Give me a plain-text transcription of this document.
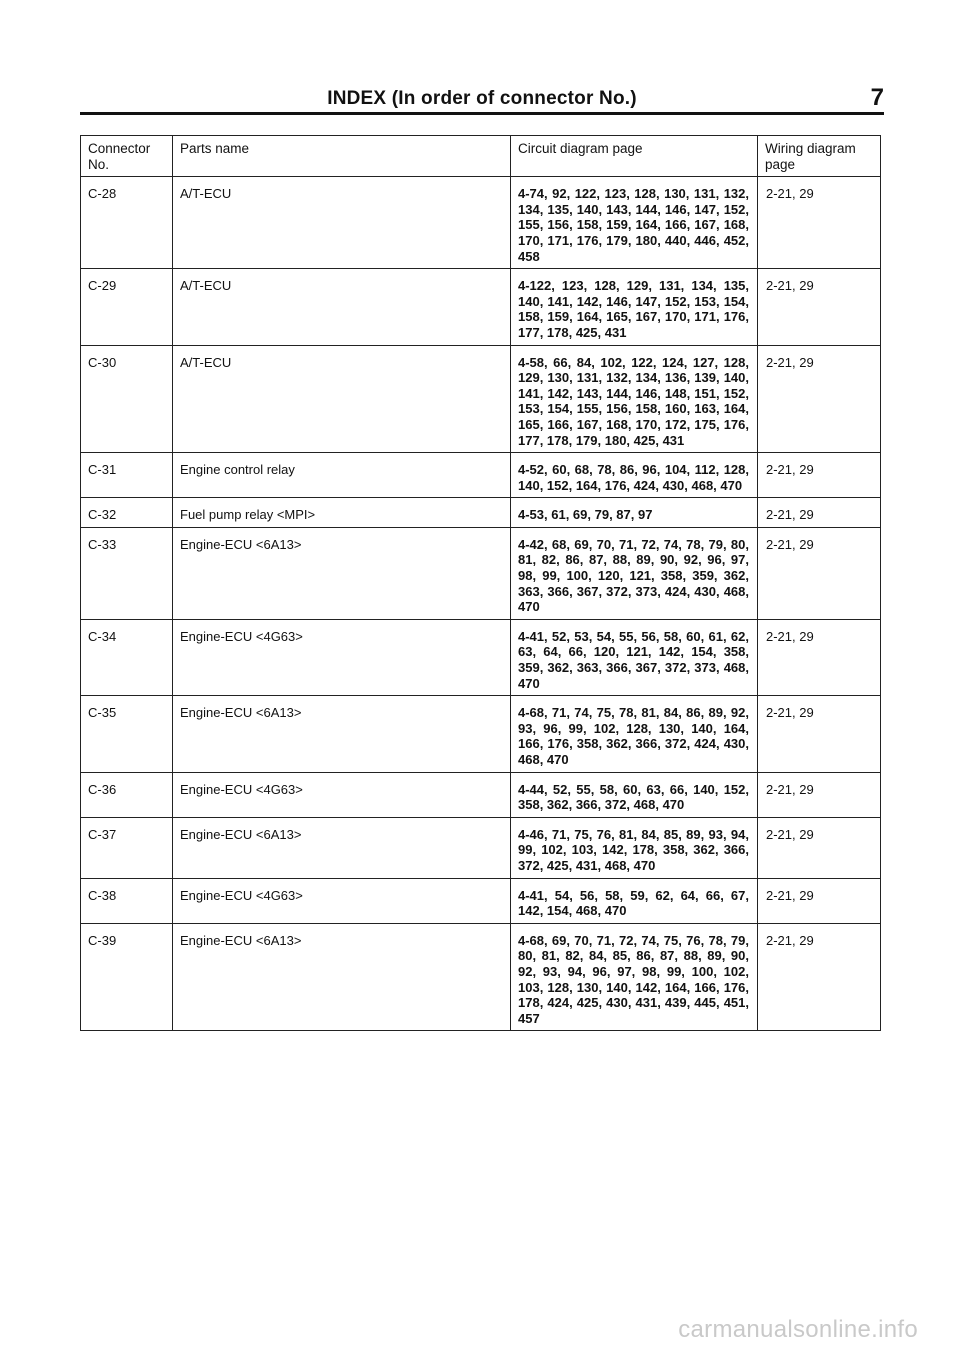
INDEX (In order of connector No.)	7
Connector No.	Parts name	Circuit diagram page	Wiring diagram page
C-28	A/T-ECU	4-74, 92, 122, 123, 128, 130, 131, 132, 134, 135, 140, 143, 144, 146, 147, 152, 155, 156, 158, 159, 164, 166, 167, 168, 170, 171, 176, 179, 180, 440, 446, 452, 458	2-21, 29
C-29	A/T-ECU	4-122, 123, 128, 129, 131, 134, 135, 140, 141, 142, 146, 147, 152, 153, 154, 158, 159, 164, 165, 167, 170, 171, 176, 177, 178, 425, 431	2-21, 29
C-30	A/T-ECU	4-58, 66, 84, 102, 122, 124, 127, 128, 129, 130, 131, 132, 134, 136, 139, 140, 141, 142, 143, 144, 146, 148, 151, 152, 153, 154, 155, 156, 158, 160, 163, 164, 165, 166, 167, 168, 170, 172, 175, 176, 177, 178, 179, 180, 425, 431	2-21, 29
C-31	Engine control relay	4-52, 60, 68, 78, 86, 96, 104, 112, 128, 140, 152, 164, 176, 424, 430, 468, 470	2-21, 29
C-32	Fuel pump relay <MPI>	4-53, 61, 69, 79, 87, 97	2-21, 29
C-33	Engine-ECU <6A13>	4-42, 68, 69, 70, 71, 72, 74, 78, 79, 80, 81, 82, 86, 87, 88, 89, 90, 92, 96, 97, 98, 99, 100, 120, 121, 358, 359, 362, 363, 366, 367, 372, 373, 424, 430, 468, 470	2-21, 29
C-34	Engine-ECU <4G63>	4-41, 52, 53, 54, 55, 56, 58, 60, 61, 62, 63, 64, 66, 120, 121, 142, 154, 358, 359, 362, 363, 366, 367, 372, 373, 468, 470	2-21, 29
C-35	Engine-ECU <6A13>	4-68, 71, 74, 75, 78, 81, 84, 86, 89, 92, 93, 96, 99, 102, 128, 130, 140, 164, 166, 176, 358, 362, 366, 372, 424, 430, 468, 470	2-21, 29
C-36	Engine-ECU <4G63>	4-44, 52, 55, 58, 60, 63, 66, 140, 152, 358, 362, 366, 372, 468, 470	2-21, 29
C-37	Engine-ECU <6A13>	4-46, 71, 75, 76, 81, 84, 85, 89, 93, 94, 99, 102, 103, 142, 178, 358, 362, 366, 372, 425, 431, 468, 470	2-21, 29
C-38	Engine-ECU <4G63>	4-41, 54, 56, 58, 59, 62, 64, 66, 67, 142, 154, 468, 470	2-21, 29
C-39	Engine-ECU <6A13>	4-68, 69, 70, 71, 72, 74, 75, 76, 78, 79, 80, 81, 82, 84, 85, 86, 87, 88, 89, 90, 92, 93, 94, 96, 97, 98, 99, 100, 102, 103, 128, 130, 140, 142, 164, 166, 176, 178, 424, 425, 430, 431, 439, 445, 451, 457	2-21, 29
carmanualsonline.info
